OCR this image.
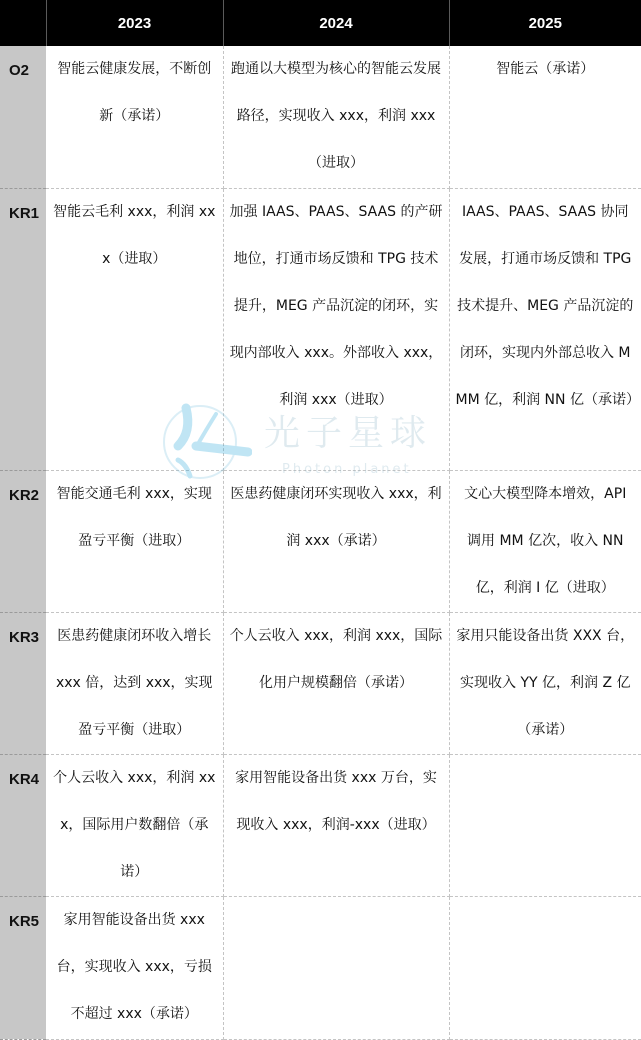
	2023	2024	2025
O2	智能云健康发展，不断创新（承诺）	跑通以大模型为核心的智能云发展路径，实现收入 xxx，利润 xxx（进取）	智能云（承诺）
KR1	智能云毛利 xxx，利润 xxx（进取）	加强 IAAS、PAAS、SAAS 的产研地位，打通市场反馈和 TPG 技术提升，MEG 产品沉淀的闭环，实现内部收入 xxx。外部收入 xxx，利润 xxx（进取）	IAAS、PAAS、SAAS 协同发展，打通市场反馈和 TPG 技术提升、MEG 产品沉淀的闭环，实现内外部总收入 MMM 亿，利润 NN 亿（承诺）
KR2	智能交通毛利 xxx，实现盈亏平衡（进取）	医患药健康闭环实现收入 xxx，利润 xxx（承诺）	文心大模型降本增效，API 调用 MM 亿次，收入 NN 亿，利润 I 亿（进取）
KR3	医患药健康闭环收入增长 xxx 倍，达到 xxx，实现盈亏平衡（进取）	个人云收入 xxx，利润 xxx，国际化用户规模翻倍（承诺）	家用只能设备出货 XXX 台，实现收入 YY 亿，利润 Z 亿（承诺）
KR4	个人云收入 xxx，利润 xxx，国际用户数翻倍（承诺）	家用智能设备出货 xxx 万台，实现收入 xxx，利润-xxx（进取）	
KR5	家用智能设备出货 xxx 台，实现收入 xxx，亏损不超过 xxx（承诺）		
光子星球
Photon planet
